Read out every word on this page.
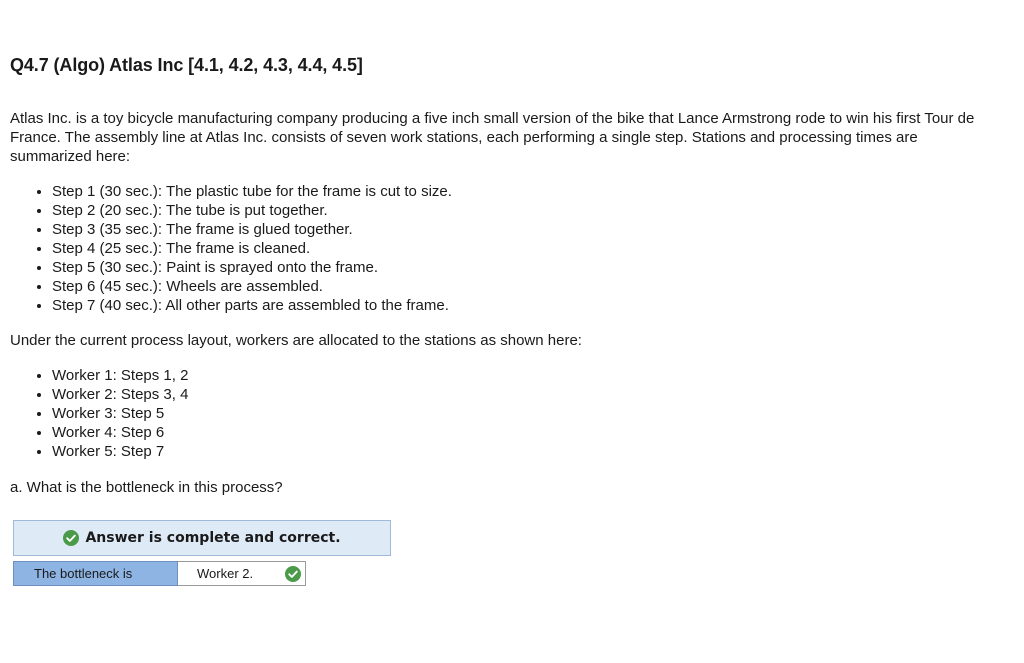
Q4.7 (Algo) Atlas Inc [4.1, 4.2, 4.3, 4.4, 4.5]

Atlas Inc. is a toy bicycle manufacturing company producing a five inch small version of the bike that Lance Armstrong rode to win his first Tour de France. The assembly line at Atlas Inc. consists of seven work stations, each performing a single step. Stations and processing times are summarized here:

• Step 1 (30 sec.): The plastic tube for the frame is cut to size.
• Step 2 (20 sec.): The tube is put together.
• Step 3 (35 sec.): The frame is glued together.
• Step 4 (25 sec.): The frame is cleaned.
• Step 5 (30 sec.): Paint is sprayed onto the frame.
• Step 6 (45 sec.): Wheels are assembled.
• Step 7 (40 sec.): All other parts are assembled to the frame.

Under the current process layout, workers are allocated to the stations as shown here:

• Worker 1: Steps 1, 2
• Worker 2: Steps 3, 4
• Worker 3: Step 5
• Worker 4: Step 6
• Worker 5: Step 7

a. What is the bottleneck in this process?

Answer is complete and correct.
The bottleneck is	Worker 2.
